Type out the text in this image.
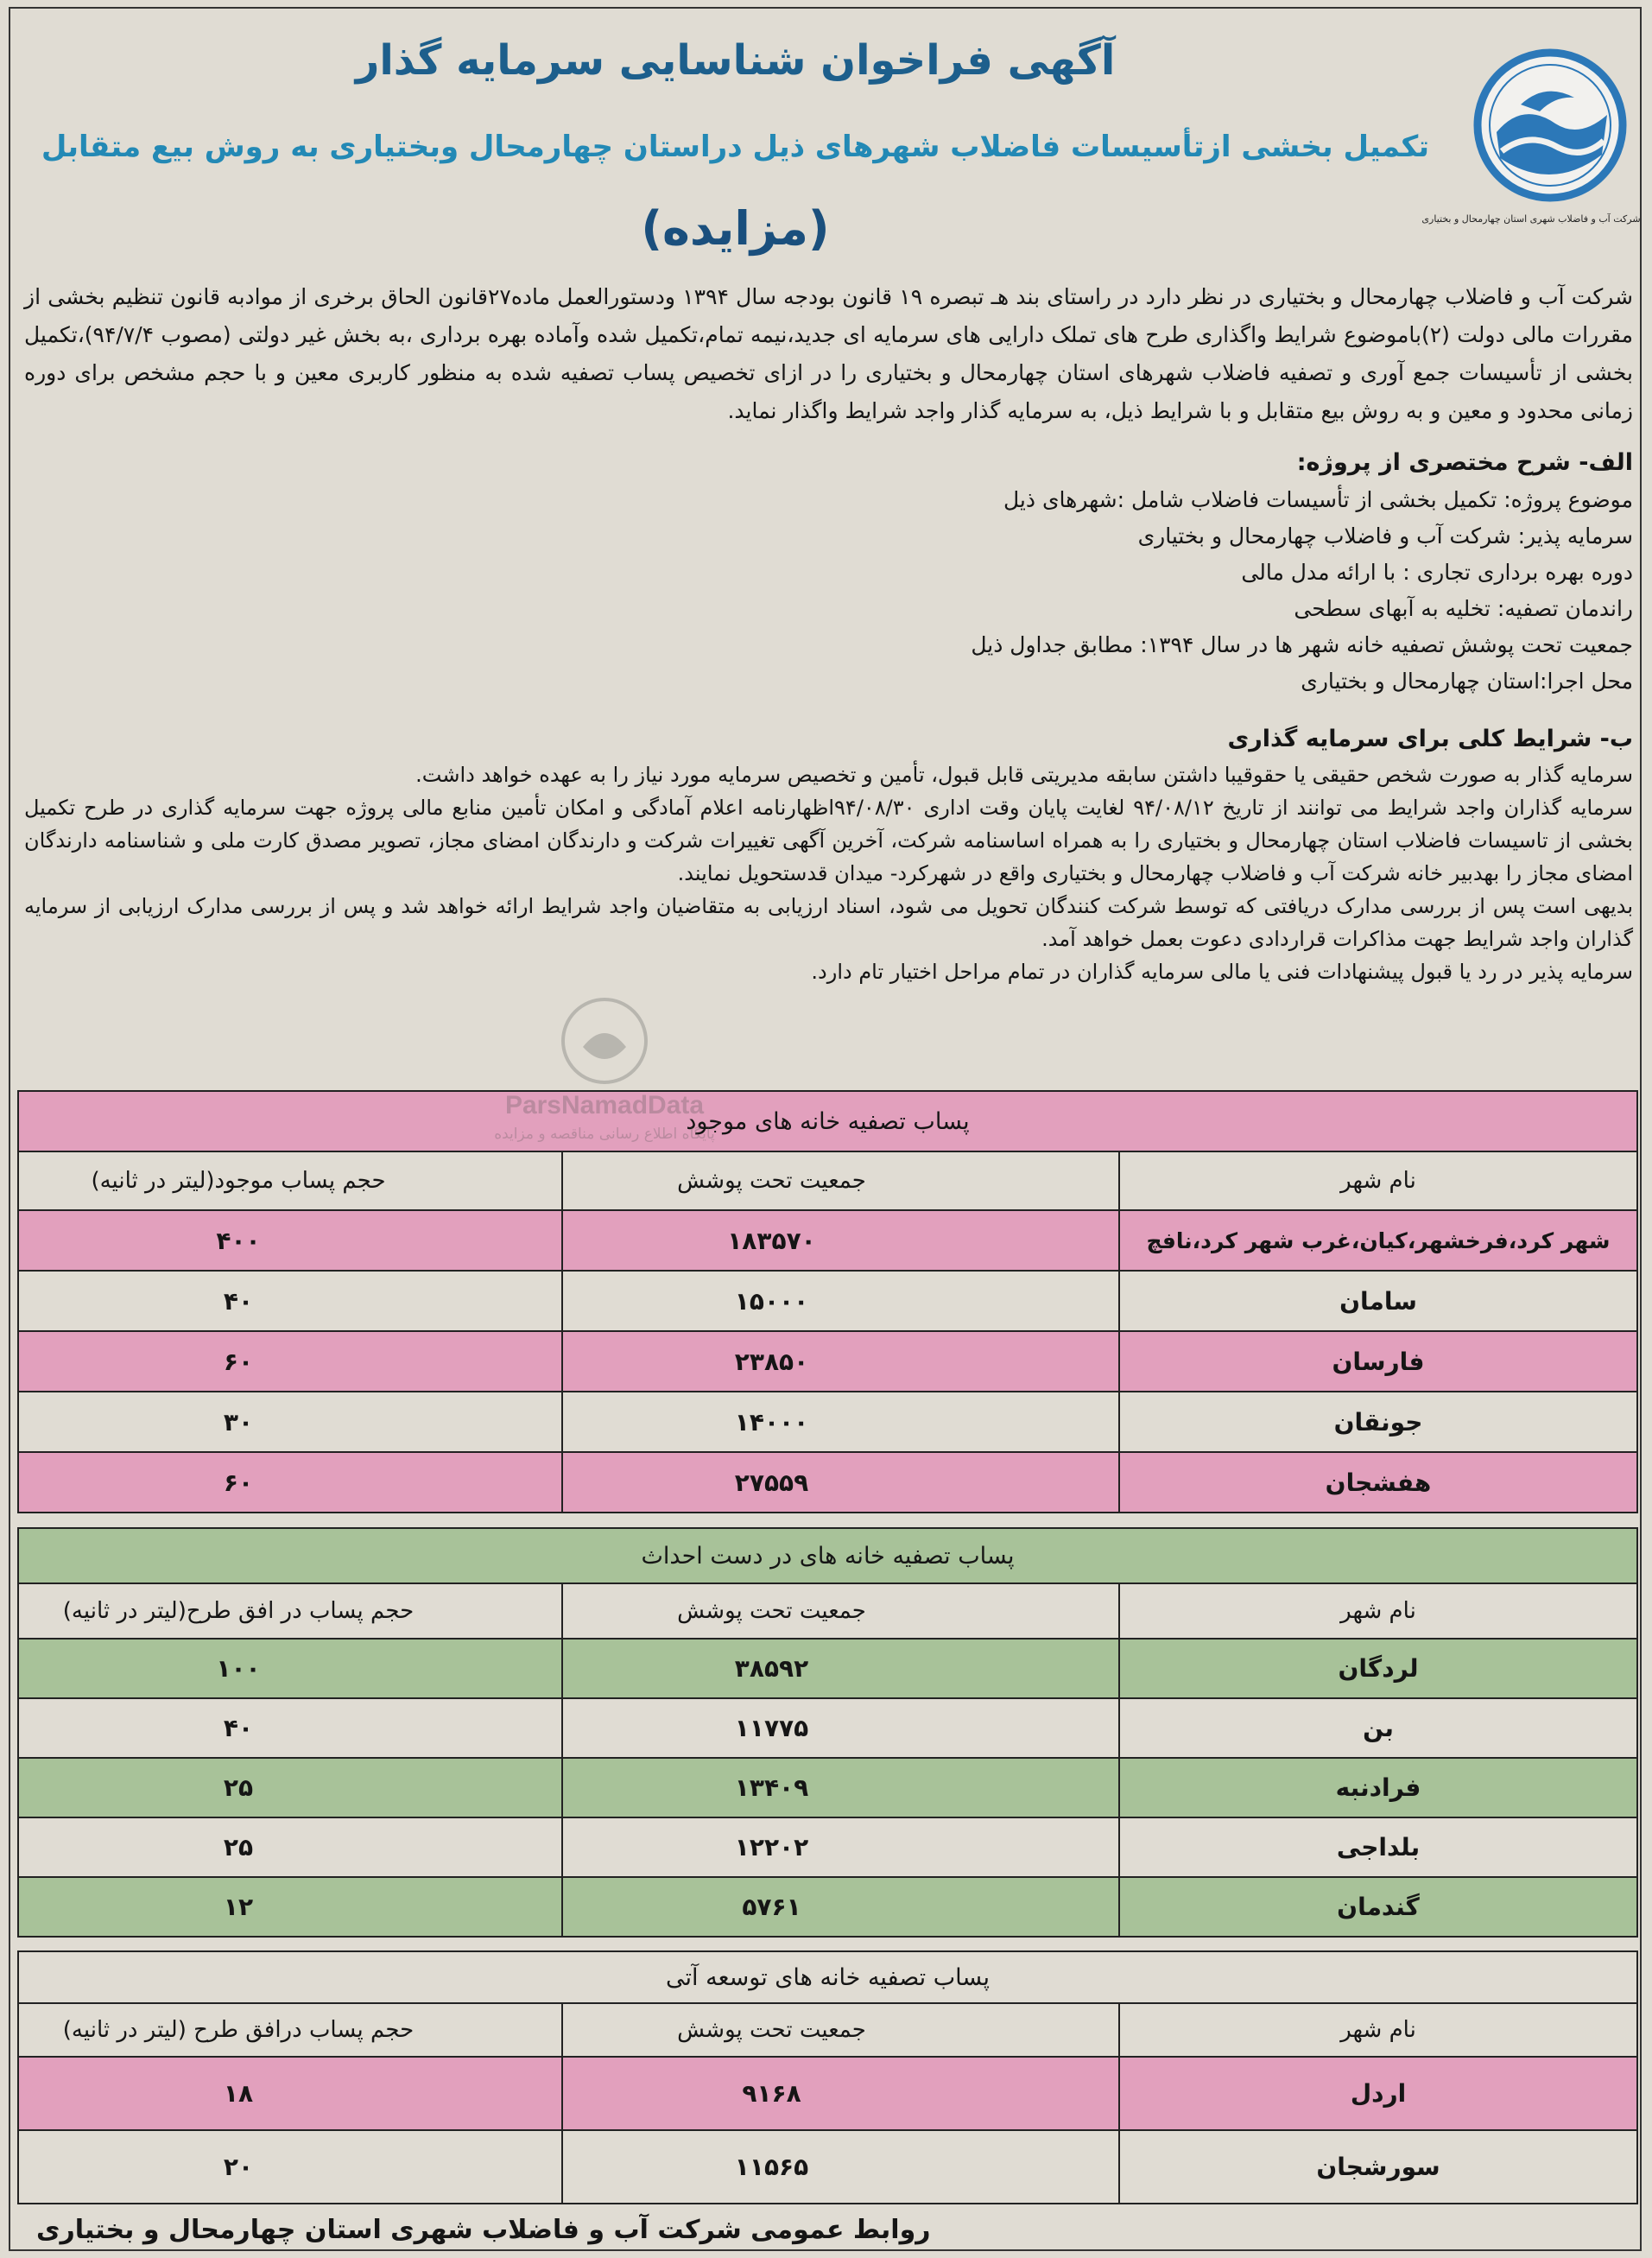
آگهی فراخوان شناسایی سرمایه گذار
تکمیل بخشی ازتأسیسات فاضلاب شهرهای ذیل دراستان چهارمحال وبختیاری به روش بیع متقابل
(مزایده)	شرکت آب و فاضلاب شهری استان چهارمحال و بختیاری

شرکت آب و فاضلاب چهارمحال و بختیاری در نظر دارد در راستای بند هـ تبصره ۱۹ قانون بودجه سال ۱۳۹۴ ودستورالعمل ماده۲۷قانون الحاق برخری از موادبه قانون تنظیم بخشی از مقررات مالی دولت (۲)باموضوع شرایط واگذاری طرح های تملک دارایی های سرمایه ای جدید،نیمه تمام،تکمیل شده وآماده بهره برداری ،به بخش غیر دولتی (مصوب ۹۴/۷/۴)،تکمیل بخشی از تأسیسات جمع آوری و تصفیه فاضلاب شهرهای استان چهارمحال و بختیاری را در ازای تخصیص پساب تصفیه شده به منظور کاربری معین و با حجم مشخص برای دوره زمانی محدود و معین و به روش بیع متقابل و با شرایط ذیل، به سرمایه گذار واجد شرایط واگذار نماید.

الف- شرح مختصری از پروژه:

موضوع پروژه: تکمیل بخشی از تأسیسات فاضلاب شامل :شهرهای ذیل

سرمایه پذیر: شرکت آب و فاضلاب چهارمحال و بختیاری

دوره بهره برداری تجاری : با ارائه مدل مالی

راندمان تصفیه: تخلیه به آبهای سطحی

جمعیت تحت پوشش تصفیه خانه شهر ها در سال ۱۳۹۴: مطابق جداول ذیل

محل اجرا:استان چهارمحال و بختیاری

ب- شرایط کلی برای سرمایه گذاری

سرمایه گذار به صورت شخص حقیقی یا حقوقیبا داشتن سابقه مدیریتی قابل قبول، تأمین و تخصیص سرمایه مورد نیاز را به عهده خواهد داشت.

سرمایه گذاران واجد شرایط می توانند از تاریخ ۹۴/۰۸/۱۲ لغایت پایان وقت اداری ۹۴/۰۸/۳۰اظهارنامه اعلام آمادگی و امکان تأمین منابع مالی پروژه جهت سرمایه گذاری در طرح تکمیل بخشی از تاسیسات فاضلاب استان چهارمحال و بختیاری را به همراه اساسنامه شرکت، آخرین آگهی تغییرات شرکت و دارندگان امضای مجاز، تصویر مصدق کارت ملی و شناسنامه دارندگان امضای مجاز را بهدبیر خانه شرکت آب و فاضلاب چهارمحال و بختیاری واقع در شهرکرد- میدان قدستحویل نمایند.

بدیهی است پس از بررسی مدارک دریافتی که توسط شرکت کنندگان تحویل می شود، اسناد ارزیابی به متقاضیان واجد شرایط ارائه خواهد شد و پس از بررسی مدارک ارزیابی از سرمایه گذاران واجد شرایط جهت مذاکرات قراردادی دعوت بعمل خواهد آمد.

سرمایه پذیر در رد یا قبول پیشنهادات فنی یا مالی سرمایه گذاران در تمام مراحل اختیار تام دارد.

پساب تصفیه خانه های موجود		
نام شهر	جمعیت تحت پوشش	حجم پساب موجود(لیتر در ثانیه)
شهر کرد،فرخشهر،کیان،غرب شهر کرد،نافچ	۱۸۳۵۷۰	۴۰۰
سامان	۱۵۰۰۰	۴۰
فارسان	۲۳۸۵۰	۶۰
جونقان	۱۴۰۰۰	۳۰
هفشجان	۲۷۵۵۹	۶۰
پساب تصفیه خانه های در دست احداث		
نام شهر	جمعیت تحت پوشش	حجم پساب در افق طرح(لیتر در ثانیه)
لردگان	۳۸۵۹۲	۱۰۰
بن	۱۱۷۷۵	۴۰
فرادنبه	۱۳۴۰۹	۲۵
بلداجی	۱۲۲۰۲	۲۵
گندمان	۵۷۶۱	۱۲
پساب تصفیه خانه های توسعه آتی		
نام شهر	جمعیت تحت پوشش	حجم پساب درافق طرح (لیتر در ثانیه)
اردل	۹۱۶۸	۱۸
سورشجان	۱۱۵۶۵	۲۰
روابط عمومی شرکت آب و فاضلاب شهری استان چهارمحال و بختیاری
ParsNamadData
پایگاه اطلاع رسانی مناقصه و مزایده
